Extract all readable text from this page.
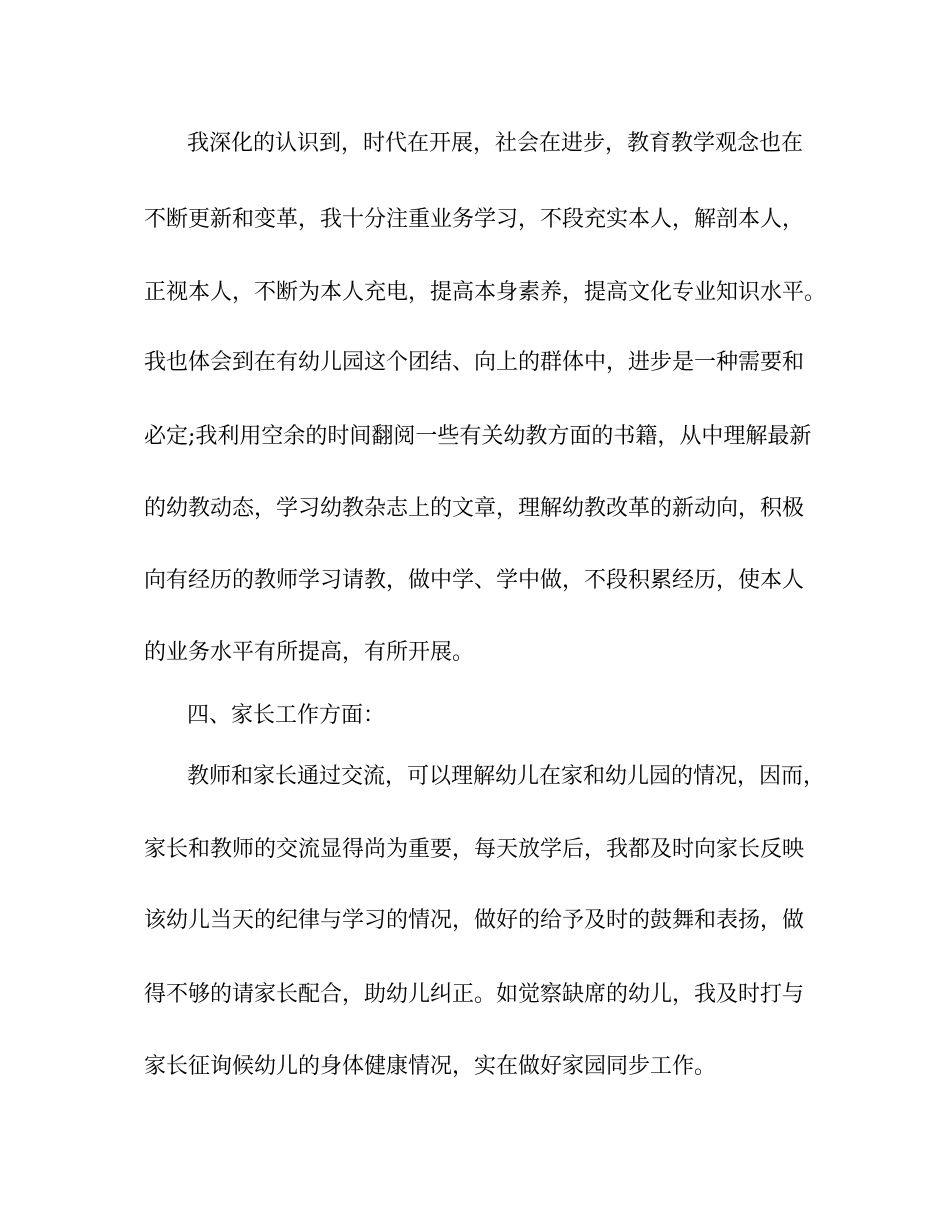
我深化的认识到，时代在开展，社会在进步，教育教学观念也在
不断更新和变革，我十分注重业务学习，不段充实本人，解剖本人，
正视本人，不断为本人充电，提高本身素养，提高文化专业知识水平。
我也体会到在有幼儿园这个团结、向上的群体中，进步是一种需要和
必定;我利用空余的时间翻阅一些有关幼教方面的书籍，从中理解最新
的幼教动态，学习幼教杂志上的文章，理解幼教改革的新动向，积极
向有经历的教师学习请教，做中学、学中做，不段积累经历，使本人
的业务水平有所提高，有所开展。
四、家长工作方面：
教师和家长通过交流，可以理解幼儿在家和幼儿园的情况，因而，
家长和教师的交流显得尚为重要，每天放学后，我都及时向家长反映
该幼儿当天的纪律与学习的情况，做好的给予及时的鼓舞和表扬，做
得不够的请家长配合，助幼儿纠正。如觉察缺席的幼儿，我及时打与
家长征询候幼儿的身体健康情况，实在做好家园同步工作。
